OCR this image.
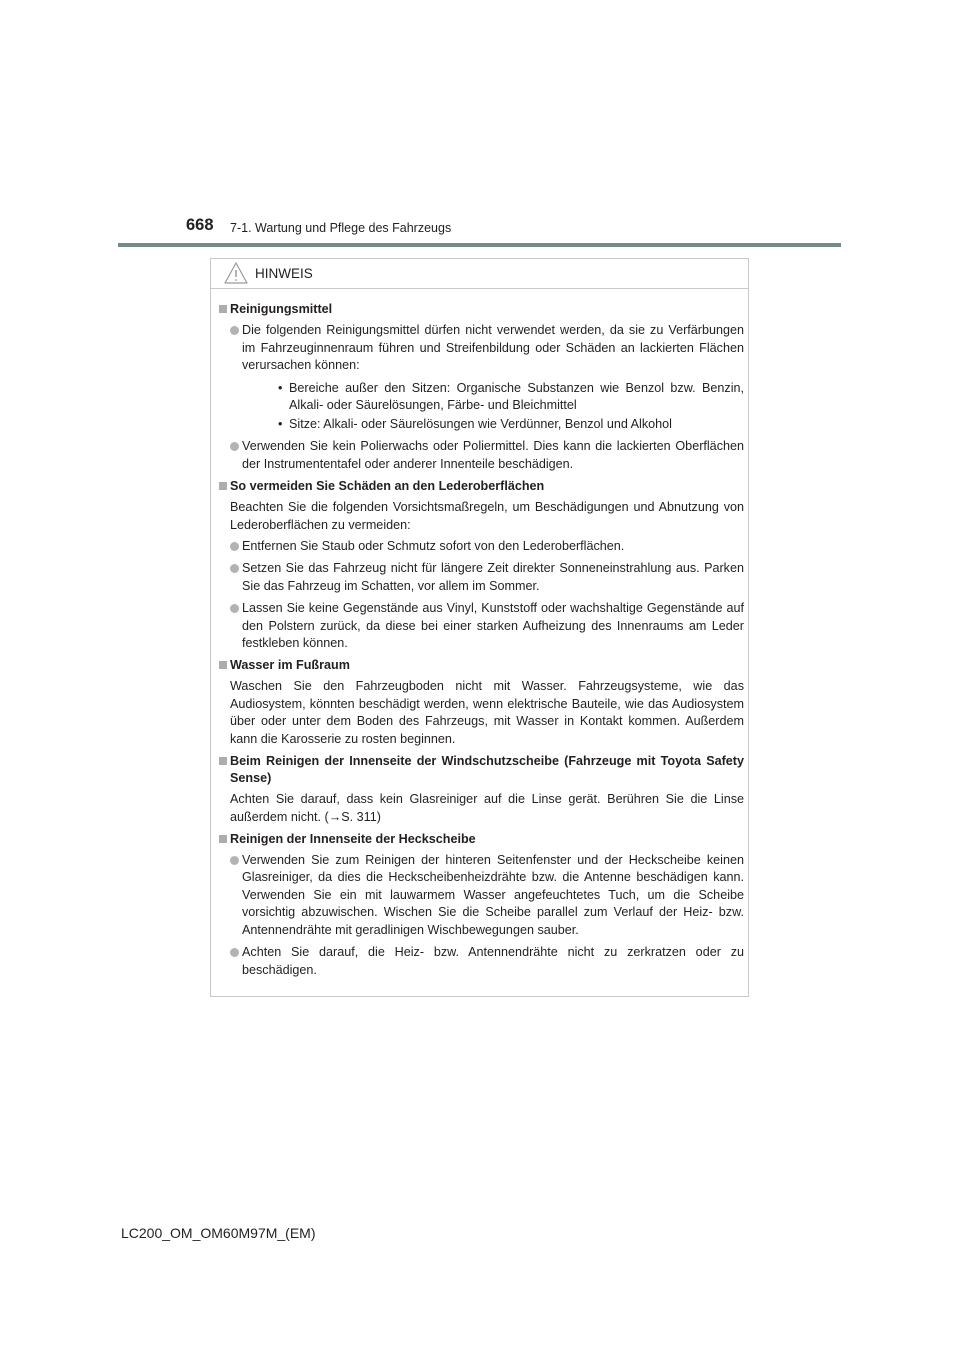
668 7-1. Wartung und Pflege des Fahrzeugs
HINWEIS
Reinigungsmittel
Die folgenden Reinigungsmittel dürfen nicht verwendet werden, da sie zu Verfärbungen im Fahrzeuginnenraum führen und Streifenbildung oder Schäden an lackierten Flächen verursachen können:
• Bereiche außer den Sitzen: Organische Substanzen wie Benzol bzw. Benzin, Alkali- oder Säurelösungen, Färbe- und Bleichmittel
• Sitze: Alkali- oder Säurelösungen wie Verdünner, Benzol und Alkohol
Verwenden Sie kein Polierwachs oder Poliermittel. Dies kann die lackierten Oberflächen der Instrumententafel oder anderer Innenteile beschädigen.
So vermeiden Sie Schäden an den Lederoberflächen
Beachten Sie die folgenden Vorsichtsmaßregeln, um Beschädigungen und Abnutzung von Lederoberflächen zu vermeiden:
Entfernen Sie Staub oder Schmutz sofort von den Lederoberflächen.
Setzen Sie das Fahrzeug nicht für längere Zeit direkter Sonneneinstrahlung aus. Parken Sie das Fahrzeug im Schatten, vor allem im Sommer.
Lassen Sie keine Gegenstände aus Vinyl, Kunststoff oder wachshaltige Gegenstände auf den Polstern zurück, da diese bei einer starken Aufheizung des Innenraums am Leder festkleben können.
Wasser im Fußraum
Waschen Sie den Fahrzeugboden nicht mit Wasser. Fahrzeugsysteme, wie das Audiosystem, könnten beschädigt werden, wenn elektrische Bauteile, wie das Audiosystem über oder unter dem Boden des Fahrzeugs, mit Wasser in Kontakt kommen. Außerdem kann die Karosserie zu rosten beginnen.
Beim Reinigen der Innenseite der Windschutzscheibe (Fahrzeuge mit Toyota Safety Sense)
Achten Sie darauf, dass kein Glasreiniger auf die Linse gerät. Berühren Sie die Linse außerdem nicht. (→S. 311)
Reinigen der Innenseite der Heckscheibe
Verwenden Sie zum Reinigen der hinteren Seitenfenster und der Heckscheibe keinen Glasreiniger, da dies die Heckscheibenheizdrähte bzw. die Antenne beschädigen kann. Verwenden Sie ein mit lauwarmem Wasser angefeuchtetes Tuch, um die Scheibe vorsichtig abzuwischen. Wischen Sie die Scheibe parallel zum Verlauf der Heiz- bzw. Antennendrähte mit geradlinigen Wischbewegungen sauber.
Achten Sie darauf, die Heiz- bzw. Antennendrähte nicht zu zerkratzen oder zu beschädigen.
LC200_OM_OM60M97M_(EM)
